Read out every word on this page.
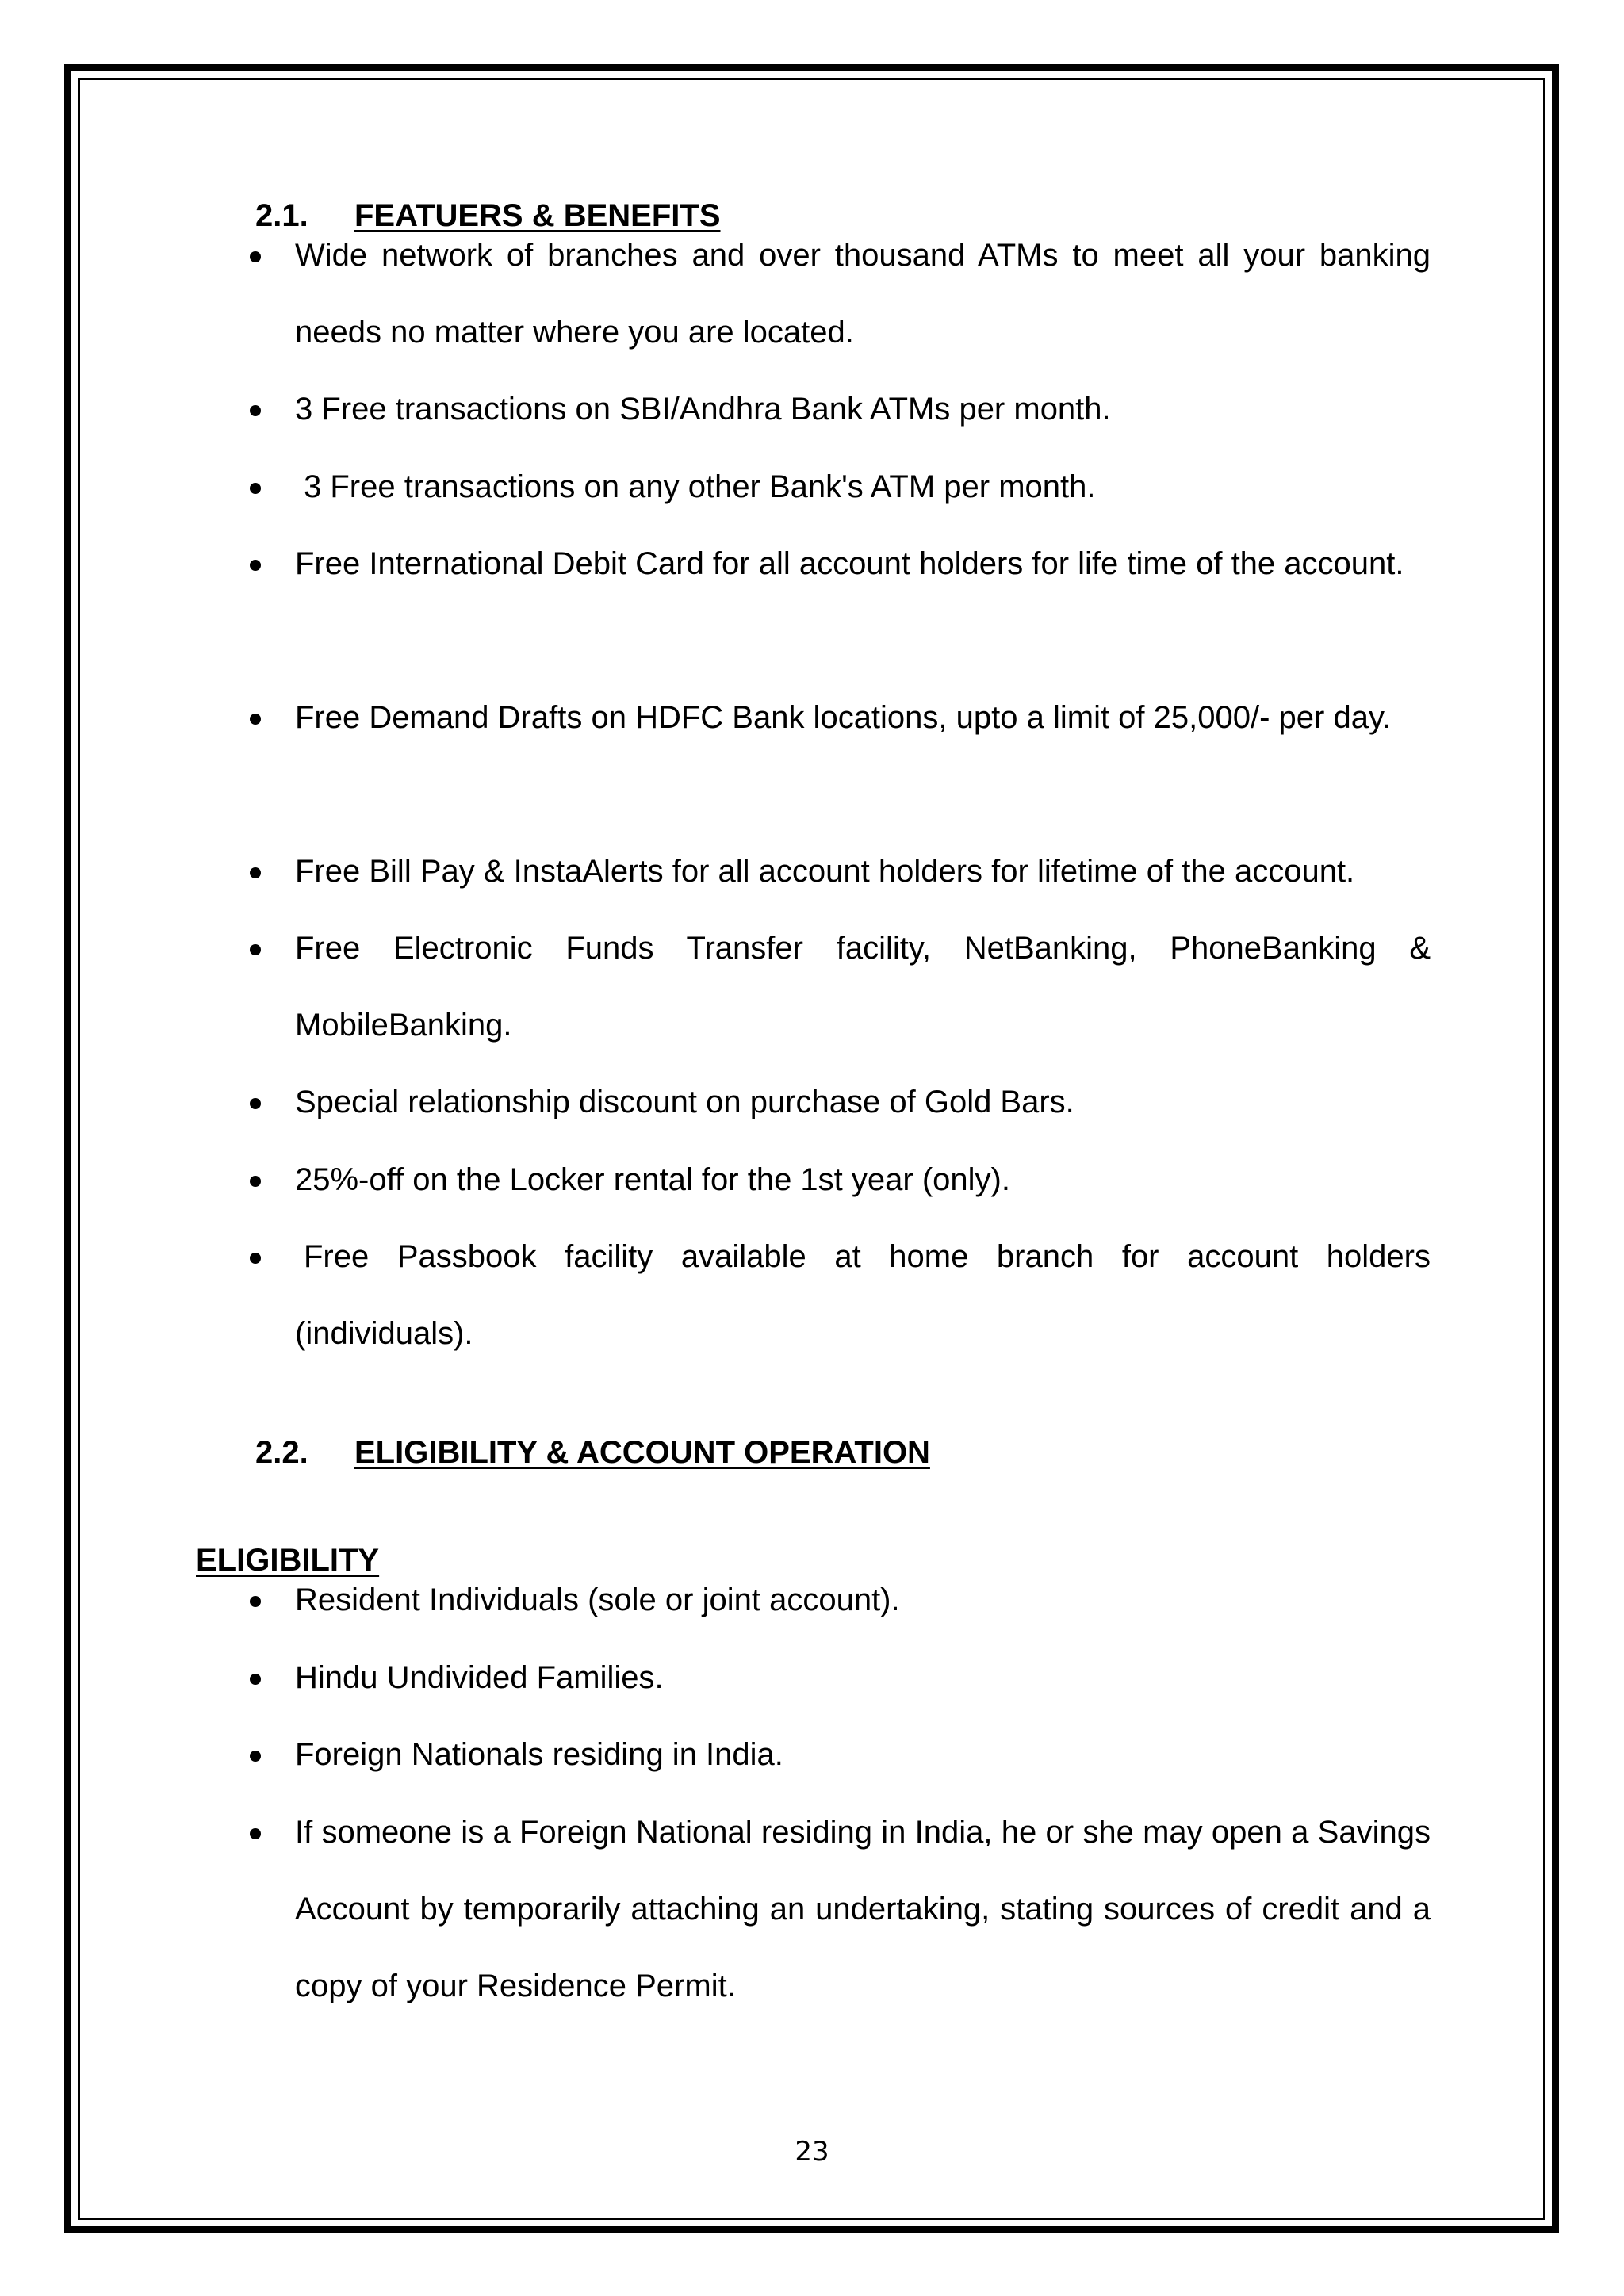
2.1. FEATUERS & BENEFITS
Wide network of branches and over thousand ATMs to meet all your banking needs no matter where you are located.
3 Free transactions on SBI/Andhra Bank ATMs per month.
3 Free transactions on any other Bank's ATM per month.
Free International Debit Card for all account holders for life time of the account.
Free Demand Drafts on HDFC Bank locations, upto a limit of 25,000/- per day.
Free Bill Pay & InstaAlerts for all account holders for lifetime of the account.
Free Electronic Funds Transfer facility, NetBanking, PhoneBanking & MobileBanking.
Special relationship discount on purchase of Gold Bars.
25%-off on the Locker rental for the 1st year (only).
Free Passbook facility available at home branch for account holders (individuals).
2.2. ELIGIBILITY & ACCOUNT OPERATION
ELIGIBILITY
Resident Individuals (sole or joint account).
Hindu Undivided Families.
Foreign Nationals residing in India.
If someone is a Foreign National residing in India, he or she may open a Savings Account by temporarily attaching an undertaking, stating sources of credit and a copy of your Residence Permit.
23
